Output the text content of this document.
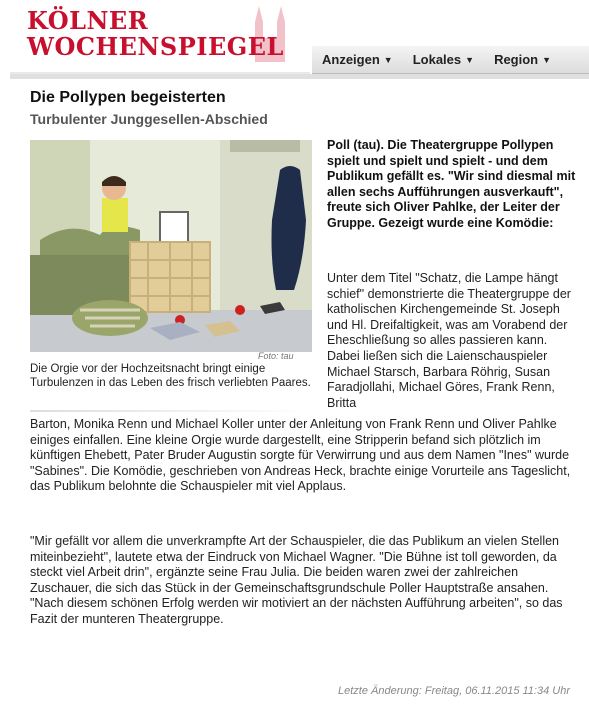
KÖLNER
WOCHENSPIEGEL	Anzeigen ▼ Lokales ▼ Region ▼
Die Pollypen begeisterten
Turbulenter Junggesellen-Abschied
Foto: tau

Die Orgie vor der Hochzeitsnacht bringt einige Turbulenzen in das Leben des frisch verliebten Paares.

Poll (tau). Die Theatergruppe Pollypen spielt und spielt und spielt - und dem Publikum gefällt es. "Wir sind diesmal mit allen sechs Aufführungen ausverkauft", freute sich Oliver Pahlke, der Leiter der Gruppe. Gezeigt wurde eine Komödie:

Unter dem Titel "Schatz, die Lampe hängt schief" demonstrierte die Theatergruppe der katholischen Kirchengemeinde St. Joseph und Hl. Dreifaltigkeit, was am Vorabend der Eheschließung so alles passieren kann. Dabei ließen sich die Laienschauspieler Michael Starsch, Barbara Röhrig, Susan Faradjollahi, Michael Göres, Frank Renn, Britta

Barton, Monika Renn und Michael Koller unter der Anleitung von Frank Renn und Oliver Pahlke einiges einfallen. Eine kleine Orgie wurde dargestellt, eine Stripperin befand sich plötzlich im künftigen Ehebett, Pater Bruder Augustin sorgte für Verwirrung und aus dem Namen "Ines" wurde "Sabines". Die Komödie, geschrieben von Andreas Heck, brachte einige Vorurteile ans Tageslicht, das Publikum belohnte die Schauspieler mit viel Applaus.

"Mir gefällt vor allem die unverkrampfte Art der Schauspieler, die das Publikum an vielen Stellen miteinbezieht", lautete etwa der Eindruck von Michael Wagner. "Die Bühne ist toll geworden, da steckt viel Arbeit drin", ergänzte seine Frau Julia. Die beiden waren zwei der zahlreichen Zuschauer, die sich das Stück in der Gemeinschaftsgrundschule Poller Hauptstraße ansahen. "Nach diesem schönen Erfolg werden wir motiviert an der nächsten Aufführung arbeiten", so das Fazit der munteren Theatergruppe.

Letzte Änderung: Freitag, 06.11.2015 11:34 Uhr
